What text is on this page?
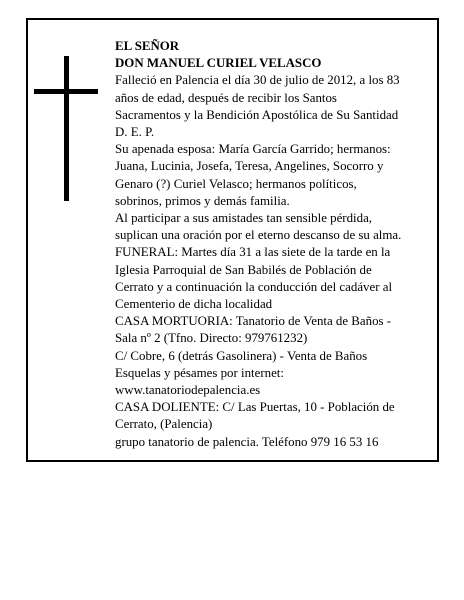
EL SEÑOR
DON MANUEL CURIEL VELASCO
Falleció en Palencia el día 30 de julio de 2012, a los 83
años de edad, después de recibir los Santos
Sacramentos y la Bendición Apostólica de Su Santidad
D. E. P.
Su apenada esposa: María García Garrido; hermanos:
Juana, Lucinia, Josefa, Teresa, Angelines, Socorro y
Genaro (?) Curiel Velasco; hermanos políticos,
sobrinos, primos y demás familia.
Al participar a sus amistades tan sensible pérdida,
suplican una oración por el eterno descanso de su alma.
FUNERAL: Martes día 31 a las siete de la tarde en la
Iglesia Parroquial de San Babilés de Población de
Cerrato y a continuación la conducción del cadáver al
Cementerio de dicha localidad
CASA MORTUORIA: Tanatorio de Venta de Baños -
Sala nº 2 (Tfno. Directo: 979761232)
C/ Cobre, 6 (detrás Gasolinera) - Venta de Baños
Esquelas y pésames por internet:
www.tanatoriodepalencia.es
CASA DOLIENTE: C/ Las Puertas, 10 - Población de
Cerrato, (Palencia)
grupo tanatorio de palencia. Teléfono 979 16 53 16
